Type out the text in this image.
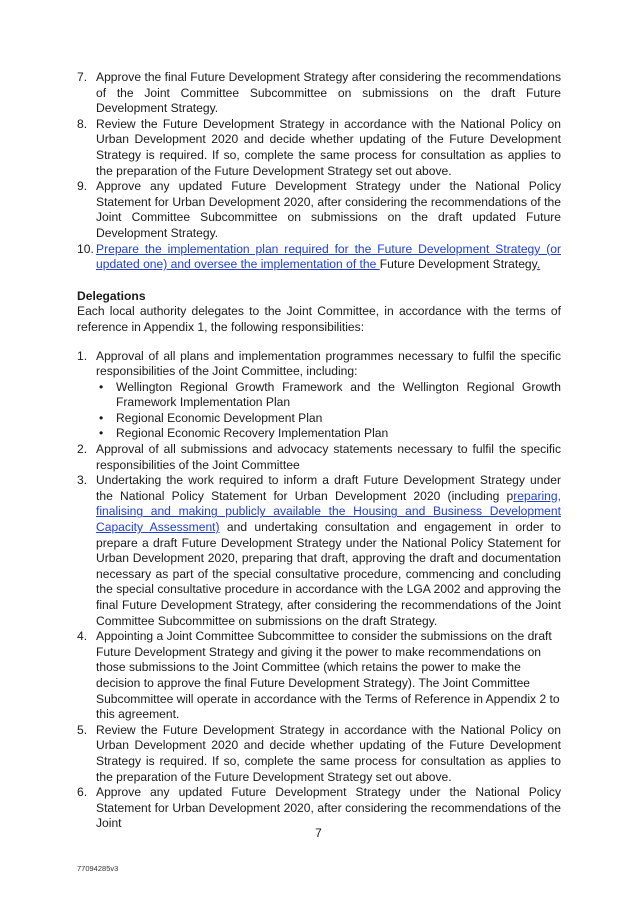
7. Approve the final Future Development Strategy after considering the recommendations of the Joint Committee Subcommittee on submissions on the draft Future Development Strategy.
8. Review the Future Development Strategy in accordance with the National Policy on Urban Development 2020 and decide whether updating of the Future Development Strategy is required. If so, complete the same process for consultation as applies to the preparation of the Future Development Strategy set out above.
9. Approve any updated Future Development Strategy under the National Policy Statement for Urban Development 2020, after considering the recommendations of the Joint Committee Subcommittee on submissions on the draft updated Future Development Strategy.
10. Prepare the implementation plan required for the Future Development Strategy (or updated one) and oversee the implementation of the Future Development Strategy.
Delegations

Each local authority delegates to the Joint Committee, in accordance with the terms of reference in Appendix 1, the following responsibilities:

1. Approval of all plans and implementation programmes necessary to fulfil the specific responsibilities of the Joint Committee, including:
• Wellington Regional Growth Framework and the Wellington Regional Growth Framework Implementation Plan
• Regional Economic Development Plan
• Regional Economic Recovery Implementation Plan
2. Approval of all submissions and advocacy statements necessary to fulfil the specific responsibilities of the Joint Committee
3. Undertaking the work required to inform a draft Future Development Strategy under the National Policy Statement for Urban Development 2020 (including preparing, finalising and making publicly available the Housing and Business Development Capacity Assessment) and undertaking consultation and engagement in order to prepare a draft Future Development Strategy under the National Policy Statement for Urban Development 2020, preparing that draft, approving the draft and documentation necessary as part of the special consultative procedure, commencing and concluding the special consultative procedure in accordance with the LGA 2002 and approving the final Future Development Strategy, after considering the recommendations of the Joint Committee Subcommittee on submissions on the draft Strategy.
4. Appointing a Joint Committee Subcommittee to consider the submissions on the draft Future Development Strategy and giving it the power to make recommendations on those submissions to the Joint Committee (which retains the power to make the decision to approve the final Future Development Strategy). The Joint Committee Subcommittee will operate in accordance with the Terms of Reference in Appendix 2 to this agreement.
5. Review the Future Development Strategy in accordance with the National Policy on Urban Development 2020 and decide whether updating of the Future Development Strategy is required. If so, complete the same process for consultation as applies to the preparation of the Future Development Strategy set out above.
6. Approve any updated Future Development Strategy under the National Policy Statement for Urban Development 2020, after considering the recommendations of the Joint
7
77094285v3
